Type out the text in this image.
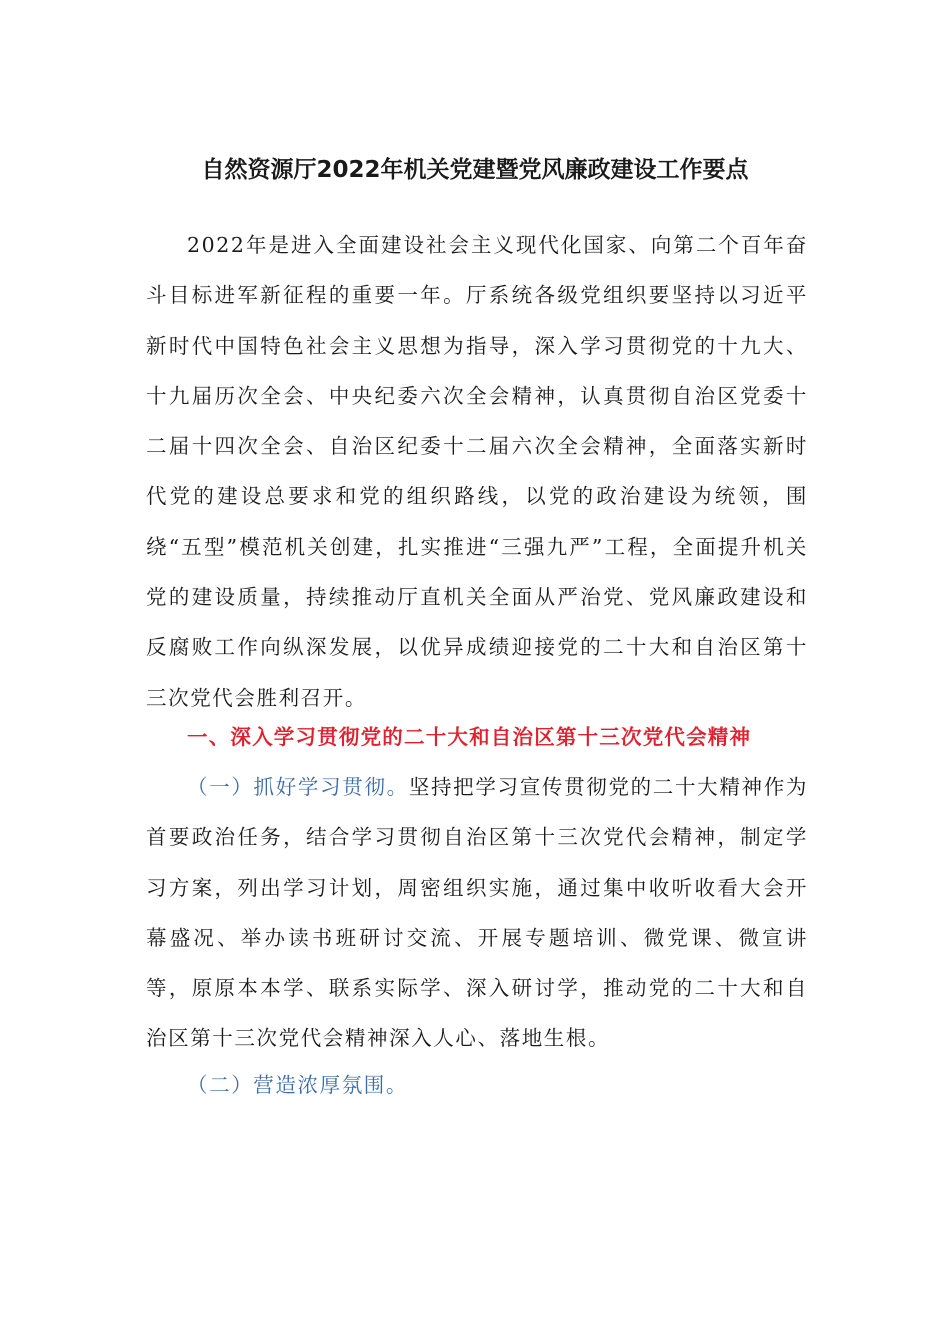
自然资源厅2022年机关党建暨党风廉政建设工作要点

2022年是进入全面建设社会主义现代化国家、向第二个百年奋斗目标进军新征程的重要一年。厅系统各级党组织要坚持以习近平新时代中国特色社会主义思想为指导，深入学习贯彻党的十九大、十九届历次全会、中央纪委六次全会精神，认真贯彻自治区党委十二届十四次全会、自治区纪委十二届六次全会精神，全面落实新时代党的建设总要求和党的组织路线，以党的政治建设为统领，围绕“五型”模范机关创建，扎实推进“三强九严”工程，全面提升机关党的建设质量，持续推动厅直机关全面从严治党、党风廉政建设和反腐败工作向纵深发展，以优异成绩迎接党的二十大和自治区第十三次党代会胜利召开。

一、深入学习贯彻党的二十大和自治区第十三次党代会精神

（一）抓好学习贯彻。坚持把学习宣传贯彻党的二十大精神作为首要政治任务，结合学习贯彻自治区第十三次党代会精神，制定学习方案，列出学习计划，周密组织实施，通过集中收听收看大会开幕盛况、举办读书班研讨交流、开展专题培训、微党课、微宣讲等，原原本本学、联系实际学、深入研讨学，推动党的二十大和自治区第十三次党代会精神深入人心、落地生根。

（二）营造浓厚氛围。
